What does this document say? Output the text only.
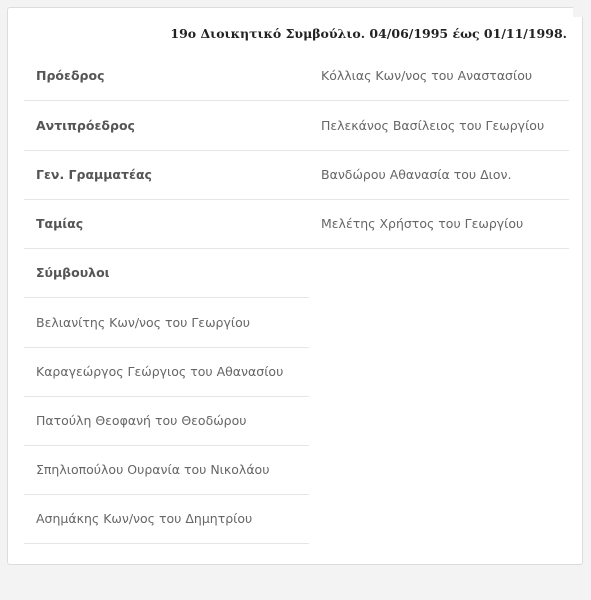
19ο Διοικητικό Συμβούλιο. 04/06/1995 έως 01/11/1998.
Πρόεδρος	Κόλλιας Κων/νος του Αναστασίου
Αντιπρόεδρος	Πελεκάνος Βασίλειος του Γεωργίου
Γεν. Γραμματέας	Βανδώρου Αθανασία του Διον.
Ταμίας	Μελέτης Χρήστος του Γεωργίου
Σύμβουλοι
Βελιανίτης Κων/νος του Γεωργίου
Καραγεώργος Γεώργιος του Αθανασίου
Πατούλη Θεοφανή του Θεοδώρου
Σπηλιοπούλου Ουρανία του Νικολάου
Ασημάκης Κων/νος του Δημητρίου
